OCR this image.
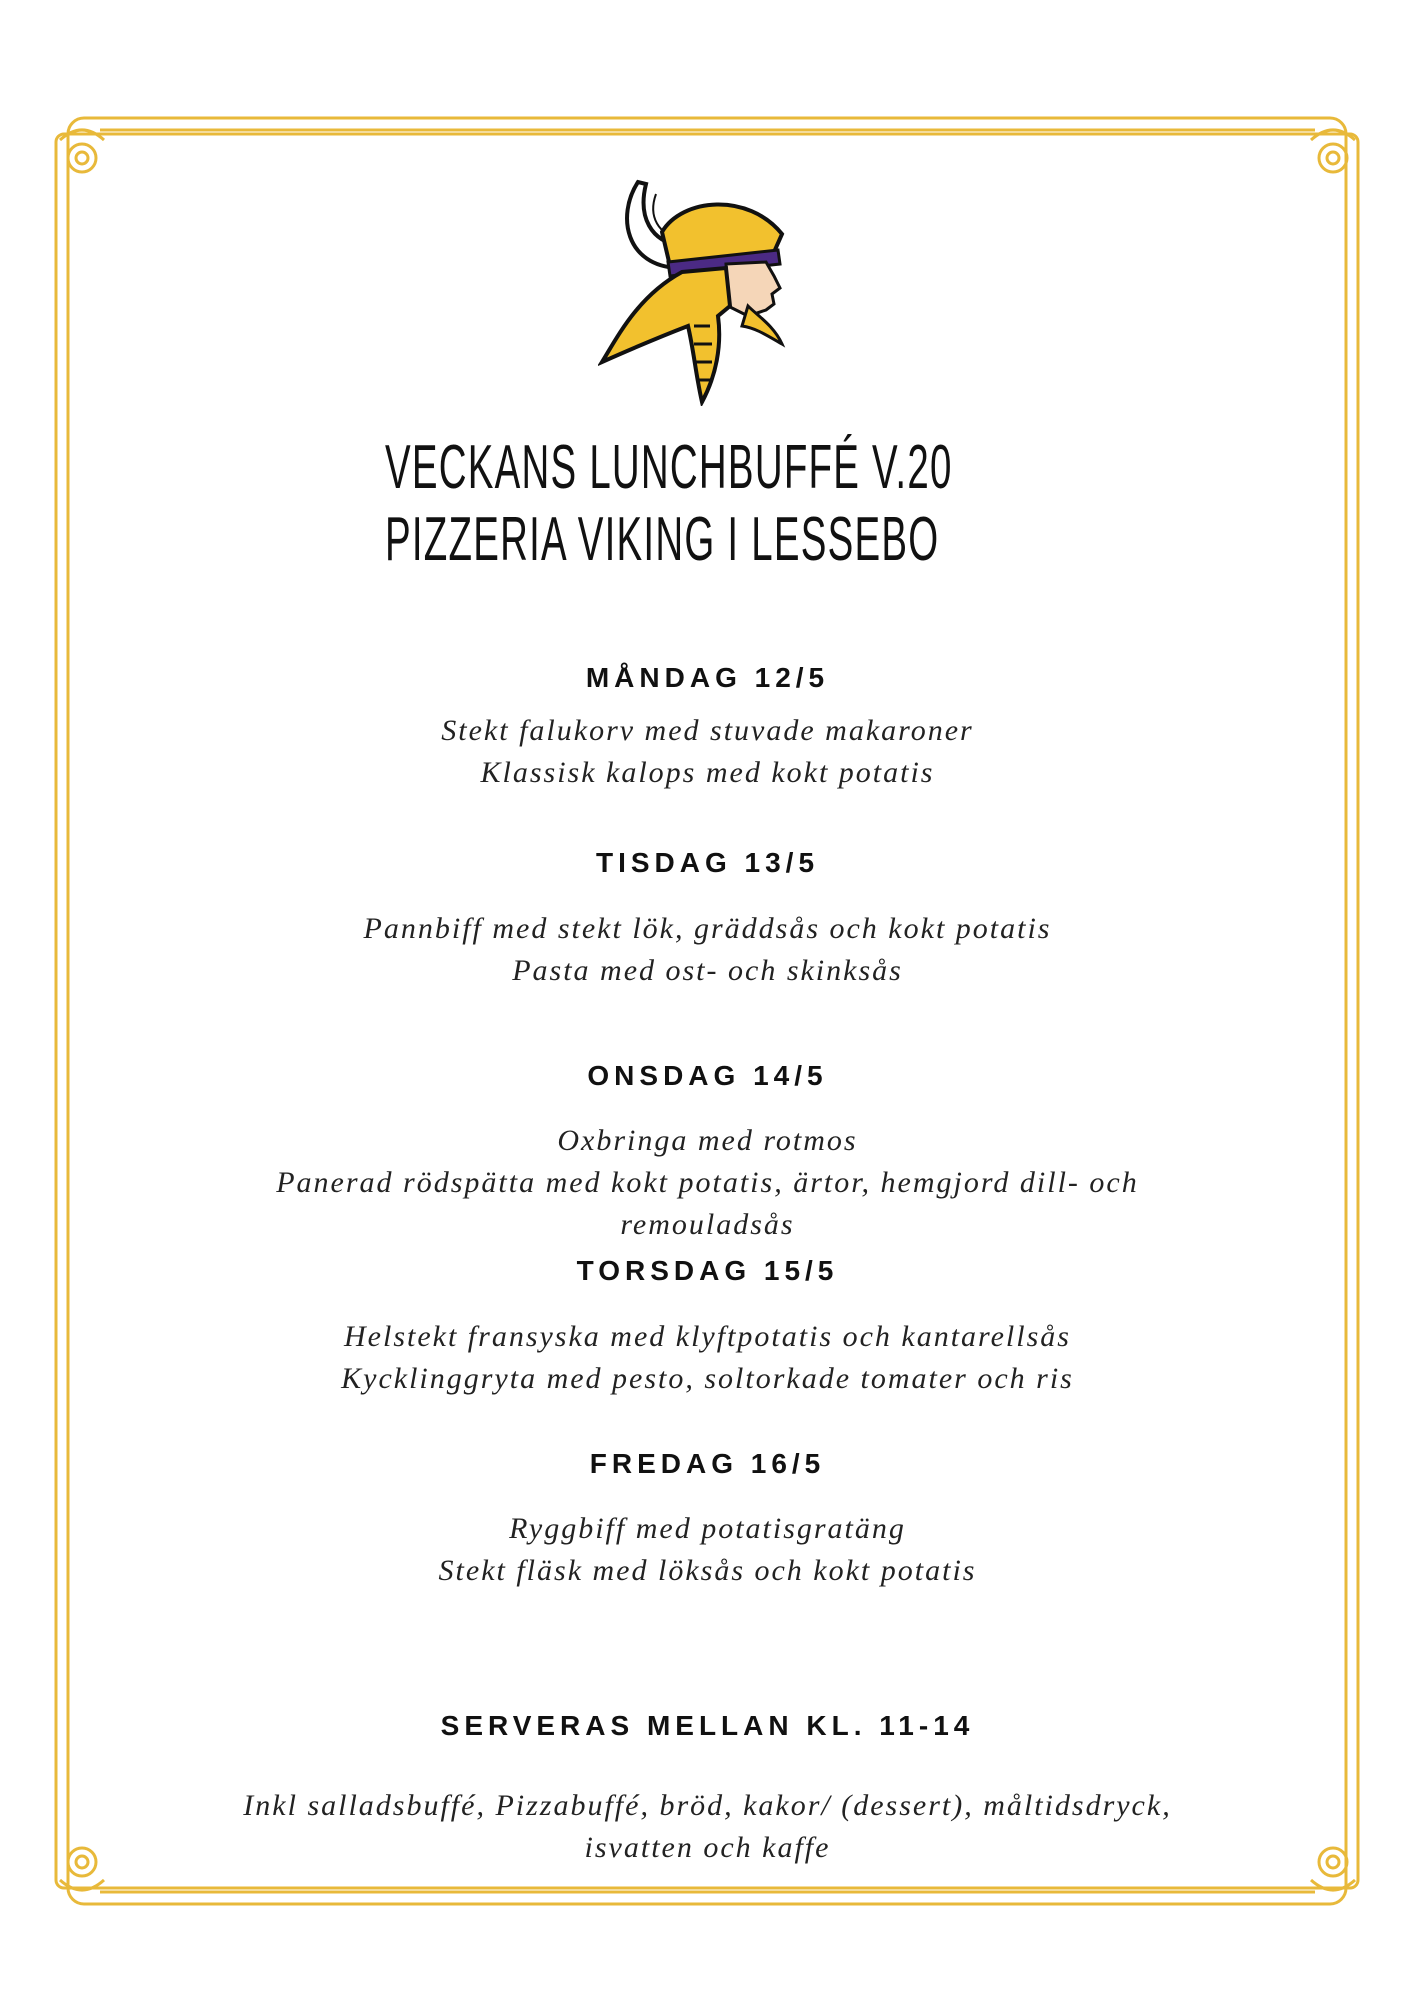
VECKANS LUNCHBUFFÉ V.20
PIZZERIA VIKING I LESSEBO
MÅNDAG 12/5
Stekt falukorv med stuvade makaroner
Klassisk kalops med kokt potatis
TISDAG 13/5
Pannbiff med stekt lök, gräddsås och kokt potatis
Pasta med ost- och skinksås
ONSDAG 14/5
Oxbringa med rotmos
Panerad rödspätta med kokt potatis, ärtor, hemgjord dill- och
remouladsås
TORSDAG 15/5
Helstekt fransyska med klyftpotatis och kantarellsås
Kycklinggryta med pesto, soltorkade tomater och ris
FREDAG 16/5
Ryggbiff med potatisgratäng
Stekt fläsk med löksås och kokt potatis
SERVERAS MELLAN KL. 11-14
Inkl salladsbuffé, Pizzabuffé, bröd, kakor/ (dessert), måltidsdryck,
isvatten och kaffe
